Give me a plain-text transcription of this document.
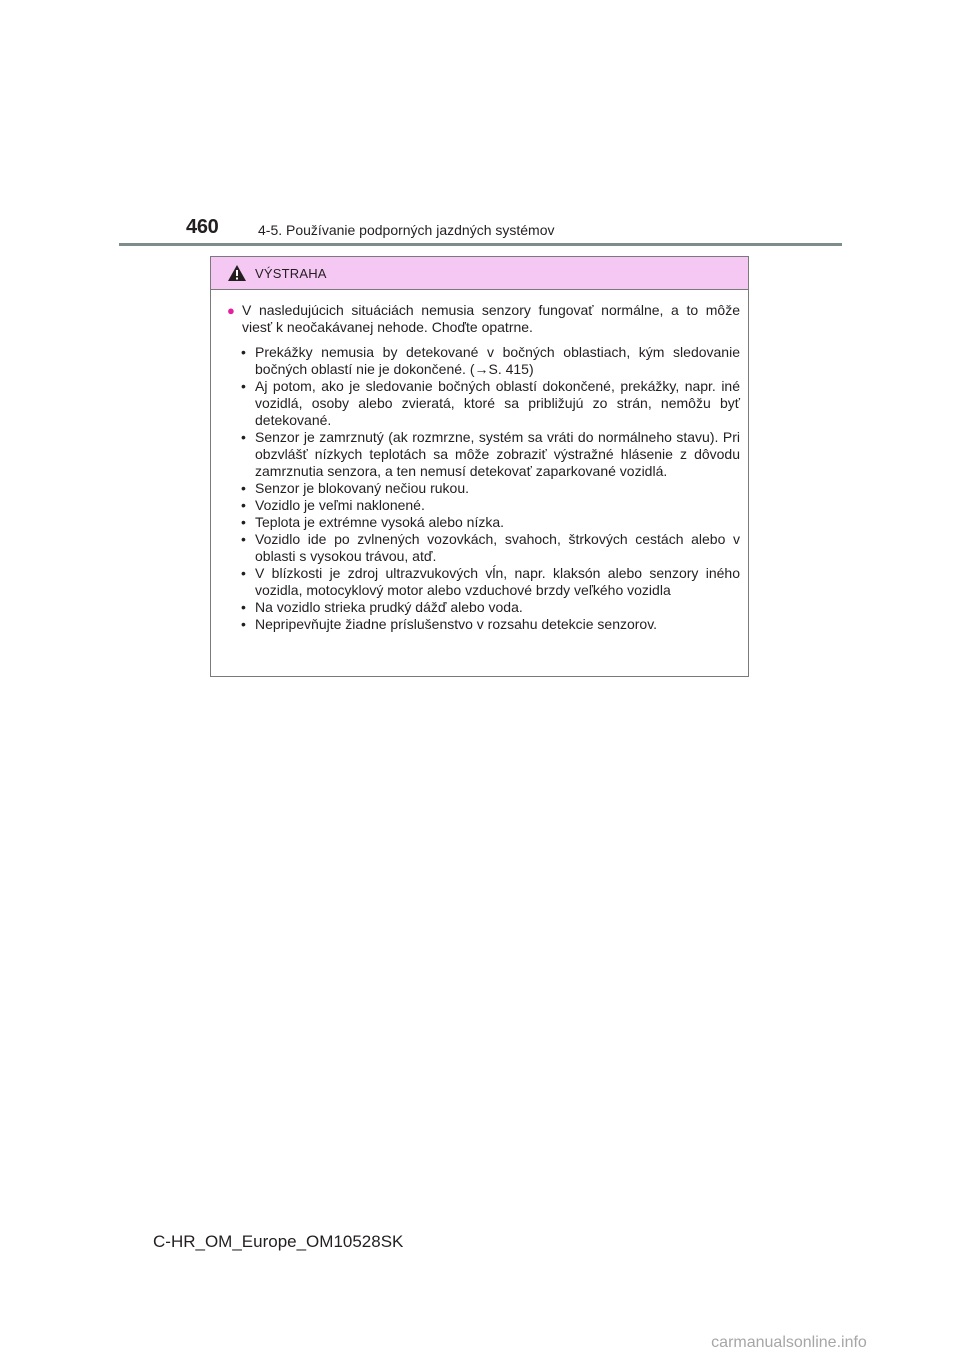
460	4-5. Používanie podporných jazdných systémov
VÝSTRAHA
● V nasledujúcich situáciách nemusia senzory fungovať normálne, a to môže viesť k neočakávanej nehode. Choďte opatrne.
• Prekážky nemusia by detekované v bočných oblastiach, kým sledovanie bočných oblastí nie je dokončené. (→S. 415)
• Aj potom, ako je sledovanie bočných oblastí dokončené, prekážky, napr. iné vozidlá, osoby alebo zvieratá, ktoré sa približujú zo strán, nemôžu byť detekované.
• Senzor je zamrznutý (ak rozmrzne, systém sa vráti do normálneho stavu). Pri obzvlášť nízkych teplotách sa môže zobraziť výstražné hlásenie z dôvodu zamrznutia senzora, a ten nemusí detekovať zaparkované vozidlá.
• Senzor je blokovaný nečiou rukou.
• Vozidlo je veľmi naklonené.
• Teplota je extrémne vysoká alebo nízka.
• Vozidlo ide po zvlnených vozovkách, svahoch, štrkových cestách alebo v oblasti s vysokou trávou, atď.
• V blízkosti je zdroj ultrazvukových vĺn, napr. klaksón alebo senzory iného vozidla, motocyklový motor alebo vzduchové brzdy veľkého vozidla
• Na vozidlo strieka prudký dážď alebo voda.
• Nepripevňujte žiadne príslušenstvo v rozsahu detekcie senzorov.
C-HR_OM_Europe_OM10528SK
carmanualsonline.info
